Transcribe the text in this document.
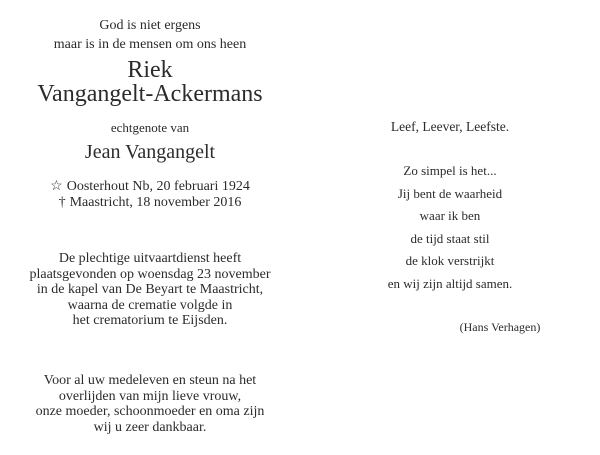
God is niet ergens
maar is in de mensen om ons heen
Riek
Vangangelt-Ackermans
echtgenote van
Jean Vangangelt
☆ Oosterhout Nb, 20 februari 1924
† Maastricht, 18 november 2016
De plechtige uitvaartdienst heeft
plaatsgevonden op woensdag 23 november
in de kapel van De Beyart te Maastricht,
waarna de crematie volgde in
het crematorium te Eijsden.
Voor al uw medeleven en steun na het
overlijden van mijn lieve vrouw,
onze moeder, schoonmoeder en oma zijn
wij u zeer dankbaar.
Leef, Leever, Leefste.
Zo simpel is het...
Jij bent de waarheid
waar ik ben
de tijd staat stil
de klok verstrijkt
en wij zijn altijd samen.
(Hans Verhagen)
